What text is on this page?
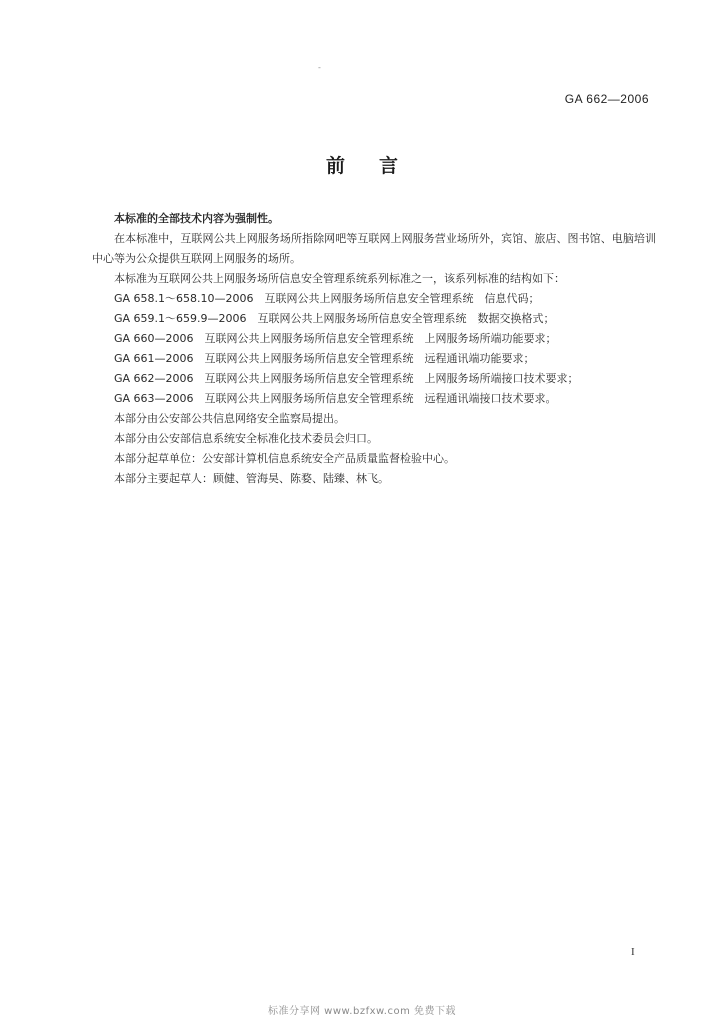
-
GA 662—2006
前 言

本标准的全部技术内容为强制性。

在本标准中，互联网公共上网服务场所指除网吧等互联网上网服务营业场所外，宾馆、旅店、图书馆、电脑培训中心等为公众提供互联网上网服务的场所。

本标准为互联网公共上网服务场所信息安全管理系统系列标准之一，该系列标准的结构如下：

GA 658.1～658.10—2006　互联网公共上网服务场所信息安全管理系统　信息代码；

GA 659.1～659.9—2006　互联网公共上网服务场所信息安全管理系统　数据交换格式；

GA 660—2006　互联网公共上网服务场所信息安全管理系统　上网服务场所端功能要求；

GA 661—2006　互联网公共上网服务场所信息安全管理系统　远程通讯端功能要求；

GA 662—2006　互联网公共上网服务场所信息安全管理系统　上网服务场所端接口技术要求；

GA 663—2006　互联网公共上网服务场所信息安全管理系统　远程通讯端接口技术要求。

本部分由公安部公共信息网络安全监察局提出。

本部分由公安部信息系统安全标准化技术委员会归口。

本部分起草单位：公安部计算机信息系统安全产品质量监督检验中心。

本部分主要起草人：顾健、管海昊、陈婺、陆臻、林飞。

I
标准分享网 www.bzfxw.com 免费下载
